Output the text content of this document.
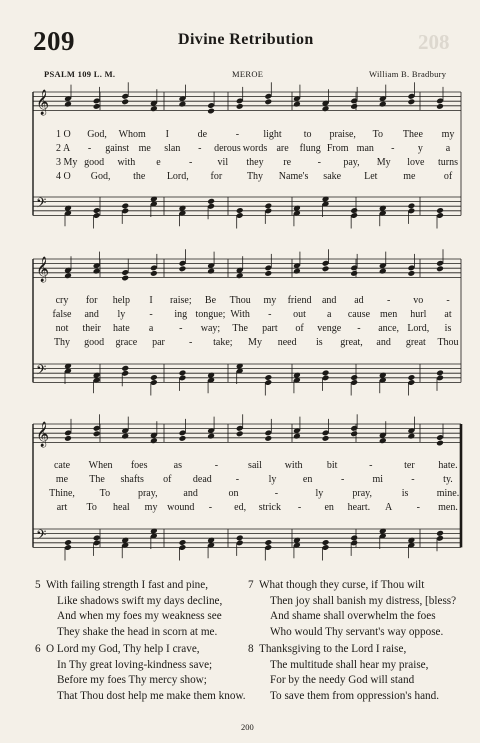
209	Divine Retribution	208
PSALM 109 L. M.	MEROE	William B. Bradbury
𝄞
𝄢
1 O God, Whom I	de	- light to praise, To Thee my
2 A - gainst me slan - derous words are flung From man - y a
3 My good with e	-	vil they re	- pay, My love turns
4 O God, the Lord, for Thy Name's sake Let	me	of
𝄞
𝄢
cry for help I raise; Be Thou my friend and ad - vo -
false and ly - ing tongue; With - out a cause men hurl at
not their hate a	- way; The part of venge - ance, Lord, is
Thy good grace par - take; My need is great, and great Thou
𝄞
𝄢
cate When foes	as	-	sail with bit	-	ter hate.
me The shafts of dead -	ly	en	-	mi	-	ty.
Thine, To	pray,	and	on	-	ly	pray,	is	mine.
art To heal my wound - ed, strick - en heart. A - men.
5 With failing strength I fast and pine,
Like shadows swift my days decline,
And when my foes my weakness see
They shake the head in scorn at me.
7 What though they curse, if Thou wilt
Then joy shall banish my distress, [bless?
And shame shall overwhelm the foes
Who would Thy servant's way oppose.
6 O Lord my God, Thy help I crave,
In Thy great loving-kindness save;
Before my foes Thy mercy show;
That Thou dost help me make them know.
8 Thanksgiving to the Lord I raise,
The multitude shall hear my praise,
For by the needy God will stand
To save them from oppression's hand.
200
